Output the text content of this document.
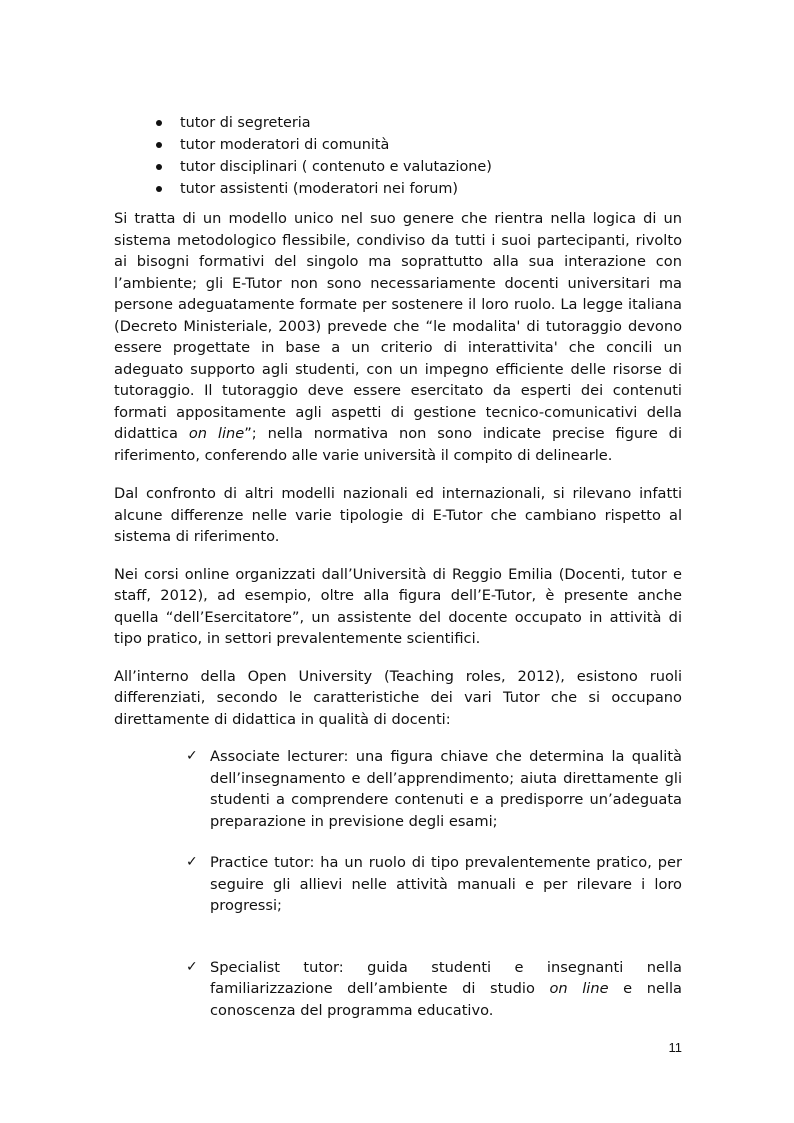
tutor di segreteria
tutor moderatori di comunità
tutor disciplinari ( contenuto e valutazione)
tutor assistenti (moderatori nei forum)

Si tratta di un modello unico nel suo genere che rientra nella logica di un sistema metodologico flessibile, condiviso da tutti i suoi partecipanti, rivolto ai bisogni formativi del singolo ma soprattutto alla sua interazione con l’ambiente; gli E-Tutor non sono necessariamente docenti universitari ma persone adeguatamente formate per sostenere il loro ruolo. La legge italiana (Decreto Ministeriale, 2003) prevede che “le modalita' di tutoraggio devono essere progettate in base a un criterio di interattivita' che concili un adeguato supporto agli studenti, con un impegno efficiente delle risorse di tutoraggio. Il tutoraggio deve essere esercitato da esperti dei contenuti formati appositamente agli aspetti di gestione tecnico-comunicativi della didattica on line”; nella normativa non sono indicate precise figure di riferimento, conferendo alle varie università il compito di delinearle.

Dal confronto di altri modelli nazionali ed internazionali, si rilevano infatti alcune differenze nelle varie tipologie di E-Tutor che cambiano rispetto al sistema di riferimento.

Nei corsi online organizzati dall’Università di Reggio Emilia (Docenti, tutor e staff, 2012), ad esempio, oltre alla figura dell’E-Tutor, è presente anche quella “dell’Esercitatore”, un assistente del docente occupato in attività di tipo pratico, in settori prevalentemente scientifici.

All’interno della Open University (Teaching roles, 2012), esistono ruoli differenziati, secondo le caratteristiche dei vari Tutor che si occupano direttamente di didattica in qualità di docenti:

✓ Associate lecturer: una figura chiave che determina la qualità dell’insegnamento e dell’apprendimento; aiuta direttamente gli studenti a comprendere contenuti e a predisporre un’adeguata preparazione in previsione degli esami;
✓ Practice tutor: ha un ruolo di tipo prevalentemente pratico, per seguire gli allievi nelle attività manuali e per rilevare i loro progressi;
✓ Specialist tutor: guida studenti e insegnanti nella familiarizzazione dell’ambiente di studio on line e nella conoscenza del programma educativo.
11
